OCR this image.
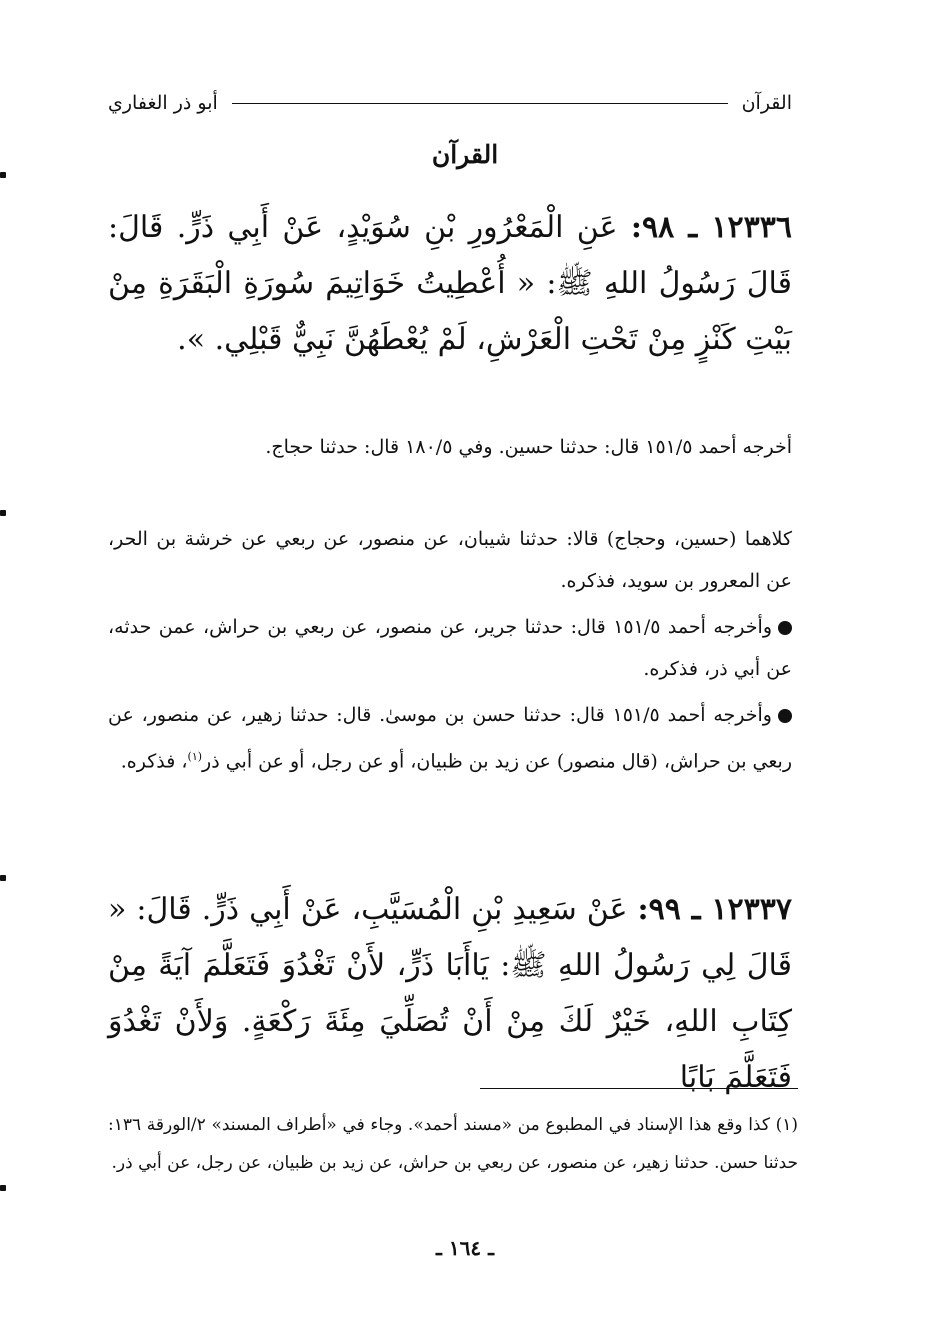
القرآن
أبو ذر الغفاري
القرآن
١٢٣٣٦ ـ ٩٨: عَنِ الْمَعْرُورِ بْنِ سُوَيْدٍ، عَنْ أَبِي ذَرٍّ. قَالَ: قَالَ رَسُولُ اللهِ ﷺ: « أُعْطِيتُ خَوَاتِيمَ سُورَةِ الْبَقَرَةِ مِنْ بَيْتِ كَنْزٍ مِنْ تَحْتِ الْعَرْشِ، لَمْ يُعْطَهُنَّ نَبِيٌّ قَبْلِي. ».
أخرجه أحمد ٥/‏١٥١ قال: حدثنا حسين. وفي ٥/‏١٨٠ قال: حدثنا حجاج.
كلاهما (حسين، وحجاج) قالا: حدثنا شيبان، عن منصور، عن ربعي عن خرشة بن الحر، عن المعرور بن سويد، فذكره.
وأخرجه أحمد ٥/‏١٥١ قال: حدثنا جرير، عن منصور، عن ربعي بن حراش، عمن حدثه، عن أبي ذر، فذكره.
وأخرجه أحمد ٥/‏١٥١ قال: حدثنا حسن بن موسىٰ. قال: حدثنا زهير، عن منصور، عن ربعي بن حراش، (قال منصور) عن زيد بن ظبيان، أو عن رجل، أو عن أبي ذر$^{(١)}$، فذكره.
١٢٣٣٧ ـ ٩٩: عَنْ سَعِيدِ بْنِ الْمُسَيَّبِ، عَنْ أَبِي ذَرٍّ. قَالَ: « قَالَ لِي رَسُولُ اللهِ ﷺ: يَاأَبَا ذَرٍّ، لأَنْ تَغْدُوَ فَتَعَلَّمَ آيَةً مِنْ كِتَابِ اللهِ، خَيْرٌ لَكَ مِنْ أَنْ تُصَلِّيَ مِئَةَ رَكْعَةٍ. وَلأَنْ تَغْدُوَ فَتَعَلَّمَ بَابًا
(١) كذا وقع هذا الإسناد في المطبوع من «مسند أحمد». وجاء في «أطراف المسند» ٢/‏الورقة ١٣٦: حدثنا حسن. حدثنا زهير، عن منصور، عن ربعي بن حراش، عن زيد بن ظبيان، عن رجل، عن أبي ذر.
ـ ١٦٤ ـ
